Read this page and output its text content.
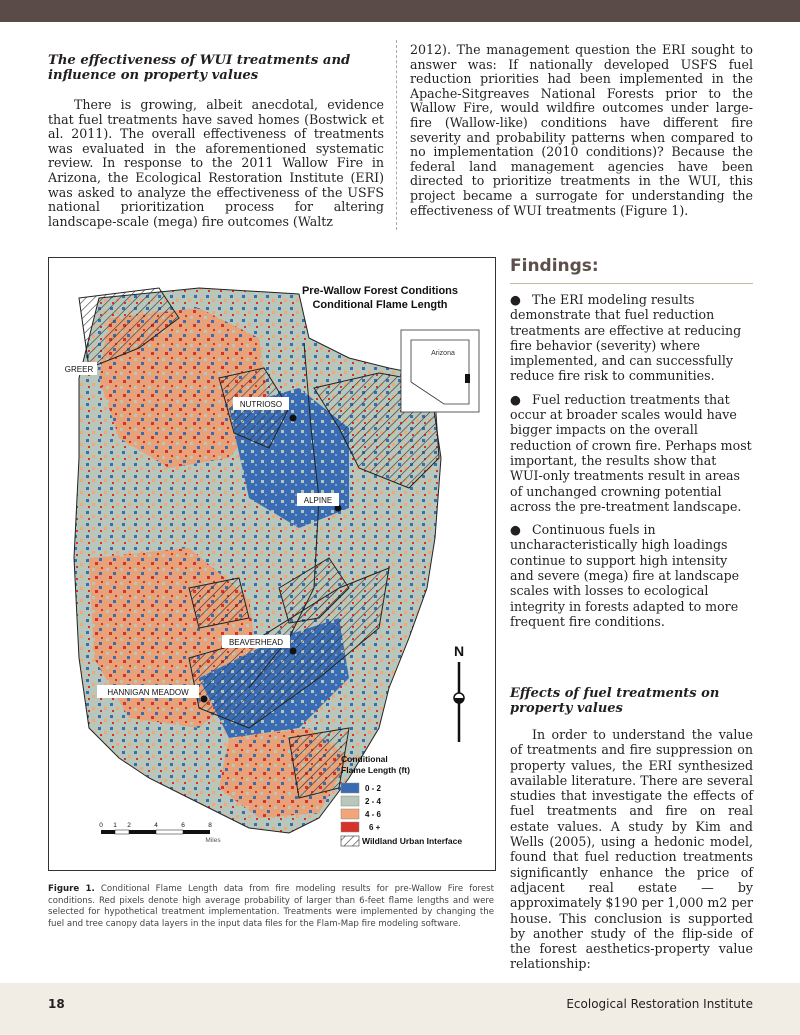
The effectiveness of WUI treatments and influence on property values

There is growing, albeit anecdotal, evidence that fuel treatments have saved homes (Bostwick et al. 2011). The overall effectiveness of treatments was evaluated in the aforementioned systematic review. In response to the 2011 Wallow Fire in Arizona, the Ecological Restoration Institute (ERI) was asked to analyze the effectiveness of the USFS national prioritization process for altering landscape-scale (mega) fire outcomes (Waltz

2012). The management question the ERI sought to answer was: If nationally developed USFS fuel reduction priorities had been implemented in the Apache-Sitgreaves National Forests prior to the Wallow Fire, would wildfire outcomes under large-fire (Wallow-like) conditions have different fire severity and probability patterns when compared to no implementation (2010 conditions)? Because the federal land management agencies have been directed to prioritize treatments in the WUI, this project became a surrogate for understanding the effectiveness of WUI treatments (Figure 1).

Pre-Wallow Forest Conditions
Conditional Flame Length
Arizona
GREER
NUTRIOSO
ALPINE
BEAVERHEAD
HANNIGAN MEADOW
N
Conditional
Flame Length (ft)
0 - 2
2 - 4
4 - 6
6 +
Wildland Urban Interface
0 1 2	4	6	8
Miles
Figure 1. Conditional Flame Length data from fire modeling results for pre-Wallow Fire forest conditions. Red pixels denote high average probability of larger than 6-feet flame lengths and were selected for hypothetical treatment implementation. Treatments were implemented by changing the fuel and tree canopy data layers in the input data files for the Flam-Map fire modeling software.
Findings:
● The ERI modeling results demonstrate that fuel reduction treatments are effective at reducing fire behavior (severity) where implemented, and can successfully reduce fire risk to communities.
● Fuel reduction treatments that occur at broader scales would have bigger impacts on the overall reduction of crown fire. Perhaps most important, the results show that WUI-only treatments result in areas of unchanged crowning potential across the pre-treatment landscape.
● Continuous fuels in uncharacteristically high loadings continue to support high intensity and severe (mega) fire at landscape scales with losses to ecological integrity in forests adapted to more frequent fire conditions.
Effects of fuel treatments on property values

In order to understand the value of treatments and fire suppression on property values, the ERI synthesized available literature. There are several studies that investigate the effects of fuel treatments and fire on real estate values. A study by Kim and Wells (2005), using a hedonic model, found that fuel reduction treatments significantly enhance the price of adjacent real estate — by approximately $190 per 1,000 m2 per house. This conclusion is supported by another study of the flip-side of the forest aesthetics-property value relationship:

18	Ecological Restoration Institute
